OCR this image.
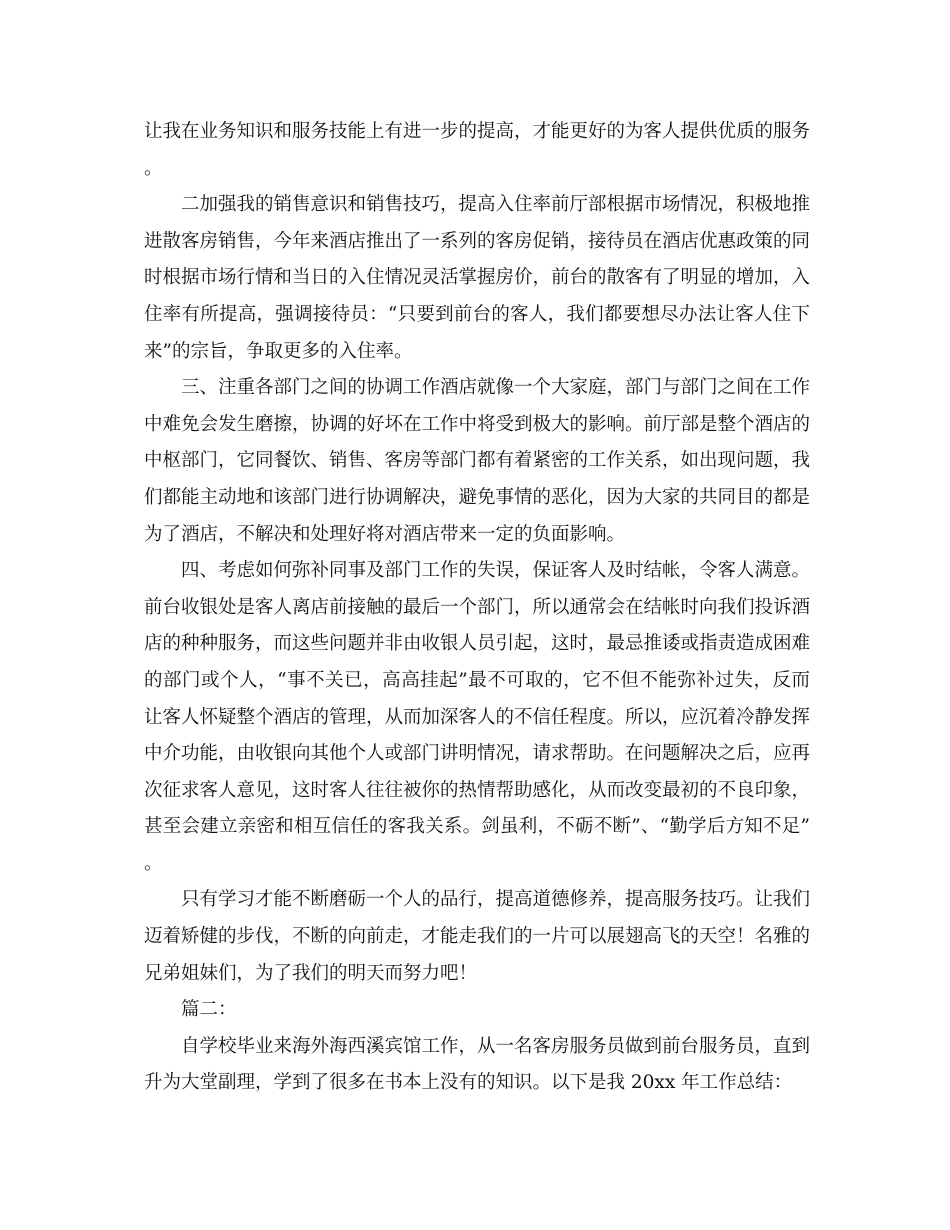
让我在业务知识和服务技能上有进一步的提高，才能更好的为客人提供优质的服务。

二加强我的销售意识和销售技巧，提高入住率前厅部根据市场情况，积极地推进散客房销售，今年来酒店推出了一系列的客房促销，接待员在酒店优惠政策的同时根据市场行情和当日的入住情况灵活掌握房价，前台的散客有了明显的增加，入住率有所提高，强调接待员：“只要到前台的客人，我们都要想尽办法让客人住下来”的宗旨，争取更多的入住率。

三、注重各部门之间的协调工作酒店就像一个大家庭，部门与部门之间在工作中难免会发生磨擦，协调的好坏在工作中将受到极大的影响。前厅部是整个酒店的中枢部门，它同餐饮、销售、客房等部门都有着紧密的工作关系，如出现问题，我们都能主动地和该部门进行协调解决，避免事情的恶化，因为大家的共同目的都是为了酒店，不解决和处理好将对酒店带来一定的负面影响。

四、考虑如何弥补同事及部门工作的失误，保证客人及时结帐，令客人满意。前台收银处是客人离店前接触的最后一个部门，所以通常会在结帐时向我们投诉酒店的种种服务，而这些问题并非由收银人员引起，这时，最忌推诿或指责造成困难的部门或个人，“事不关已，高高挂起”最不可取的，它不但不能弥补过失，反而让客人怀疑整个酒店的管理，从而加深客人的不信任程度。所以，应沉着冷静发挥中介功能，由收银向其他个人或部门讲明情况，请求帮助。在问题解决之后，应再次征求客人意见，这时客人往往被你的热情帮助感化，从而改变最初的不良印象，甚至会建立亲密和相互信任的客我关系。剑虽利，不砺不断”、“勤学后方知不足”。

只有学习才能不断磨砺一个人的品行，提高道德修养，提高服务技巧。让我们迈着矫健的步伐，不断的向前走，才能走我们的一片可以展翅高飞的天空！名雅的兄弟姐妹们，为了我们的明天而努力吧！

篇二：

自学校毕业来海外海西溪宾馆工作，从一名客房服务员做到前台服务员，直到升为大堂副理，学到了很多在书本上没有的知识。以下是我 20xx 年工作总结：
